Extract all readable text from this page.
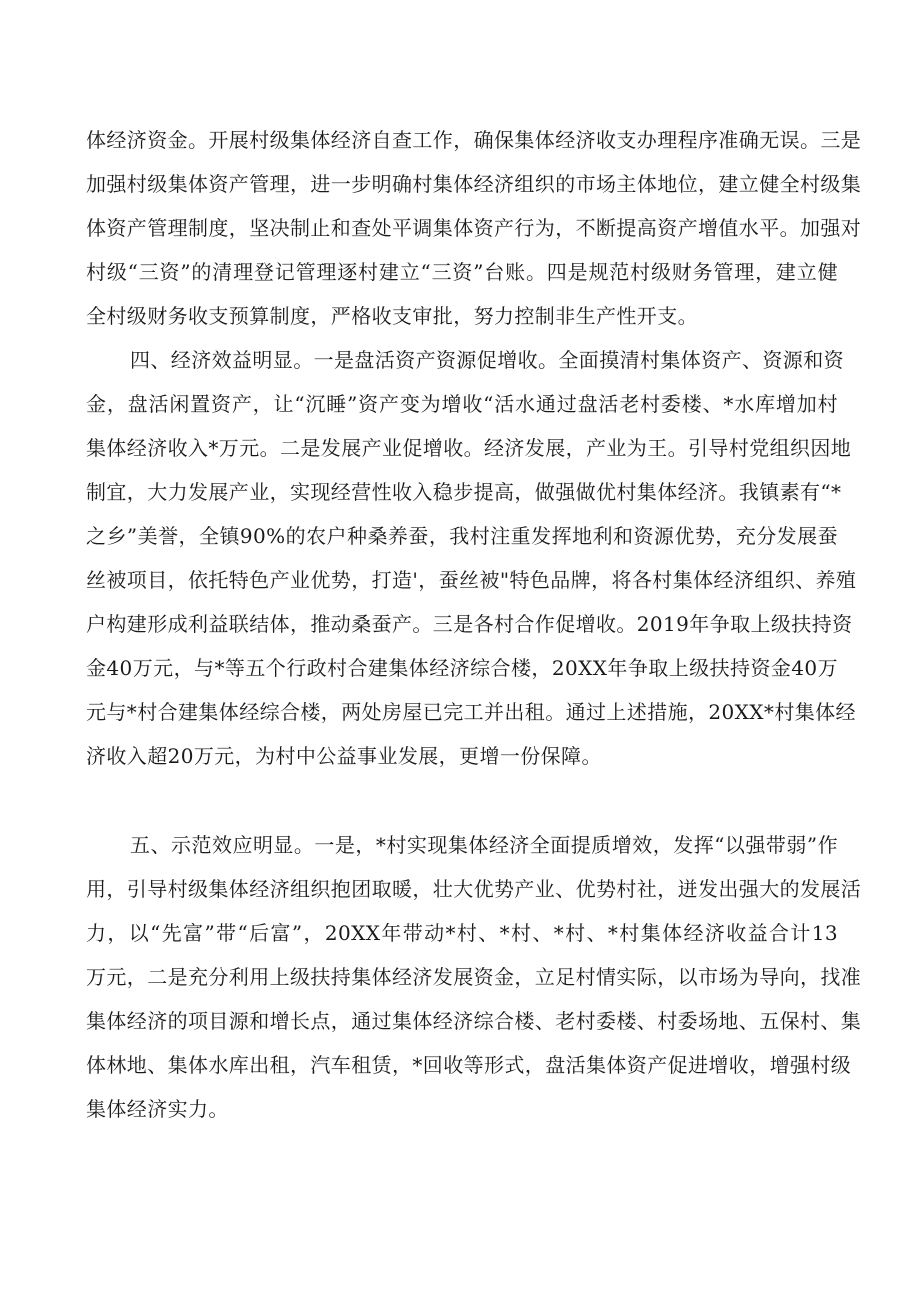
体经济资金。开展村级集体经济自查工作，确保集体经济收支办理程序准确无误。三是
加强村级集体资产管理，进一步明确村集体经济组织的市场主体地位，建立健全村级集
体资产管理制度，坚决制止和查处平调集体资产行为，不断提高资产增值水平。加强对
村级“三资”的清理登记管理逐村建立“三资”台账。四是规范村级财务管理，建立健
全村级财务收支预算制度，严格收支审批，努力控制非生产性开支。
四、经济效益明显。一是盘活资产资源促增收。全面摸清村集体资产、资源和资
金，盘活闲置资产，让“沉睡”资产变为增收“活水通过盘活老村委楼、*水库增加村
集体经济收入*万元。二是发展产业促增收。经济发展，产业为王。引导村党组织因地
制宜，大力发展产业，实现经营性收入稳步提高，做强做优村集体经济。我镇素有“*
之乡”美誉，全镇90%的农户种桑养蚕，我村注重发挥地利和资源优势，充分发展蚕
丝被项目，依托特色产业优势，打造'，蚕丝被"特色品牌，将各村集体经济组织、养殖
户构建形成利益联结体，推动桑蚕产。三是各村合作促增收。2019年争取上级扶持资
金40万元，与*等五个行政村合建集体经济综合楼，20XX年争取上级扶持资金40万
元与*村合建集体经综合楼，两处房屋已完工并出租。通过上述措施，20XX*村集体经
济收入超20万元，为村中公益事业发展，更增一份保障。
五、示范效应明显。一是，*村实现集体经济全面提质增效，发挥“以强带弱”作
用，引导村级集体经济组织抱团取暖，壮大优势产业、优势村社，迸发出强大的发展活
力，以“先富”带“后富”，20XX年带动*村、*村、*村、*村集体经济收益合计13
万元，二是充分利用上级扶持集体经济发展资金，立足村情实际，以市场为导向，找准
集体经济的项目源和增长点，通过集体经济综合楼、老村委楼、村委场地、五保村、集
体林地、集体水库出租，汽车租赁，*回收等形式，盘活集体资产促进增收，增强村级
集体经济实力。
